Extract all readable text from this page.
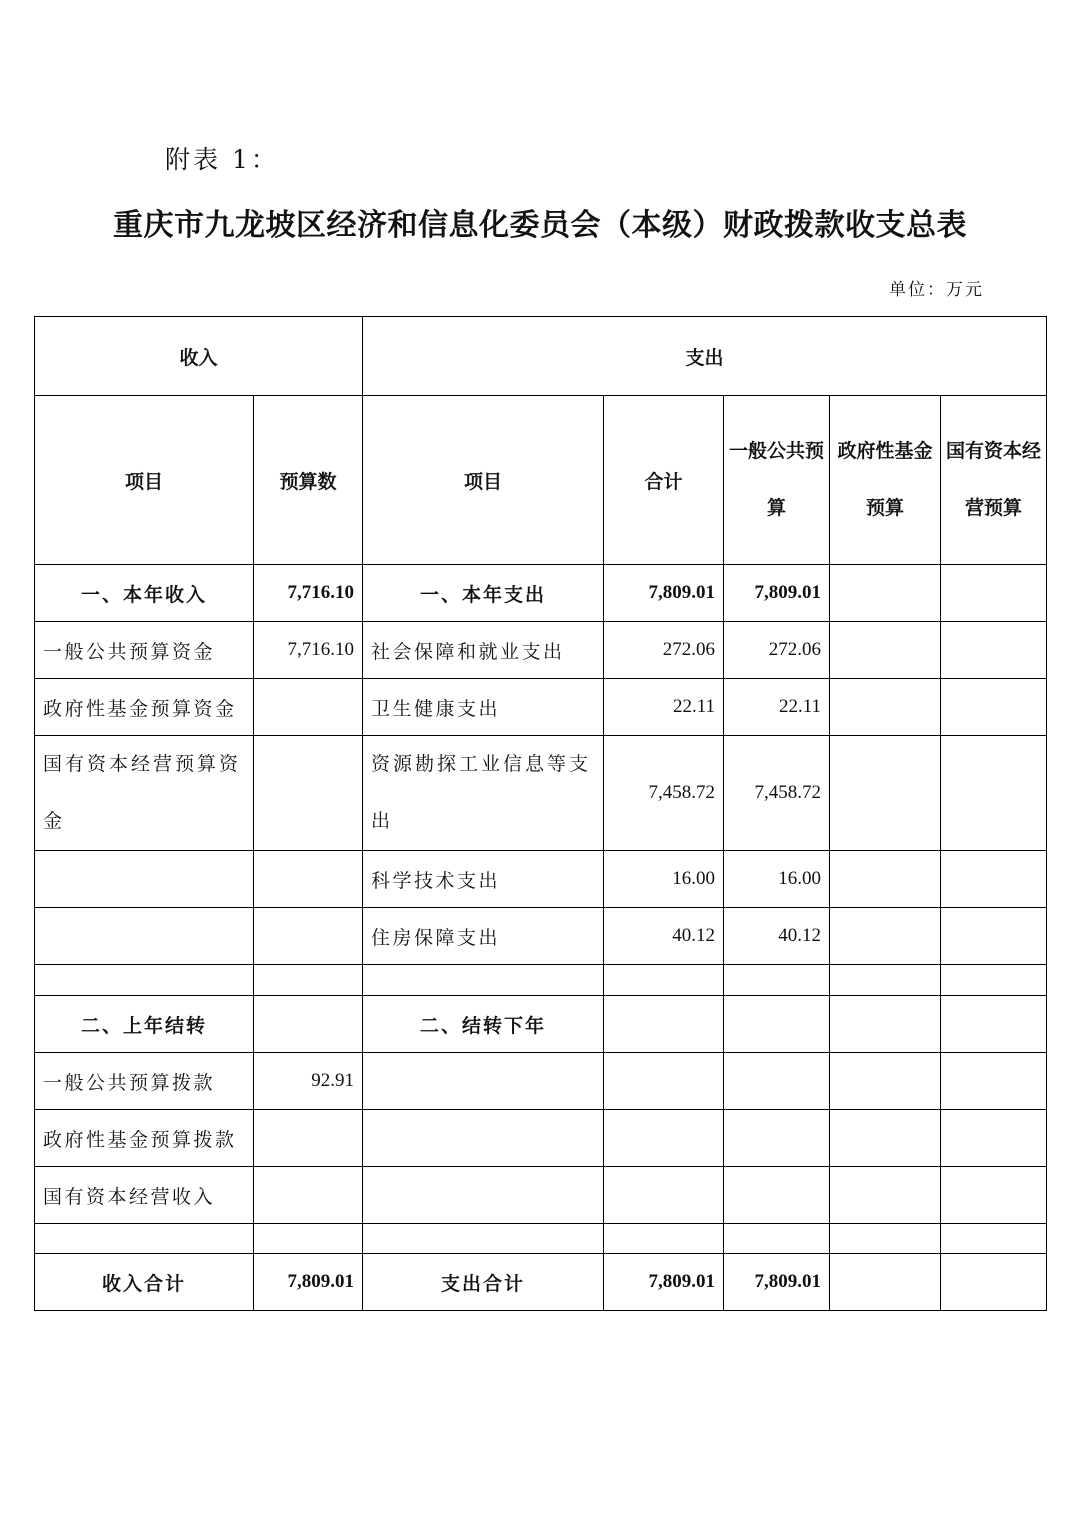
附表 1：
重庆市九龙坡区经济和信息化委员会（本级）财政拨款收支总表
单位：万元
收入		支出				
项目	预算数	项目	合计	一般公共预算	政府性基金预算	国有资本经营预算
一、本年收入	7,716.10	一、本年支出	7,809.01	7,809.01		
一般公共预算资金	7,716.10	社会保障和就业支出	272.06	272.06		
政府性基金预算资金		卫生健康支出	22.11	22.11		
国有资本经营预算资金		资源勘探工业信息等支出	7,458.72	7,458.72		
		科学技术支出	16.00	16.00		
		住房保障支出	40.12	40.12		

二、上年结转		二、结转下年				
一般公共预算拨款	92.91					
政府性基金预算拨款						
国有资本经营收入						

收入合计	7,809.01	支出合计	7,809.01	7,809.01		
